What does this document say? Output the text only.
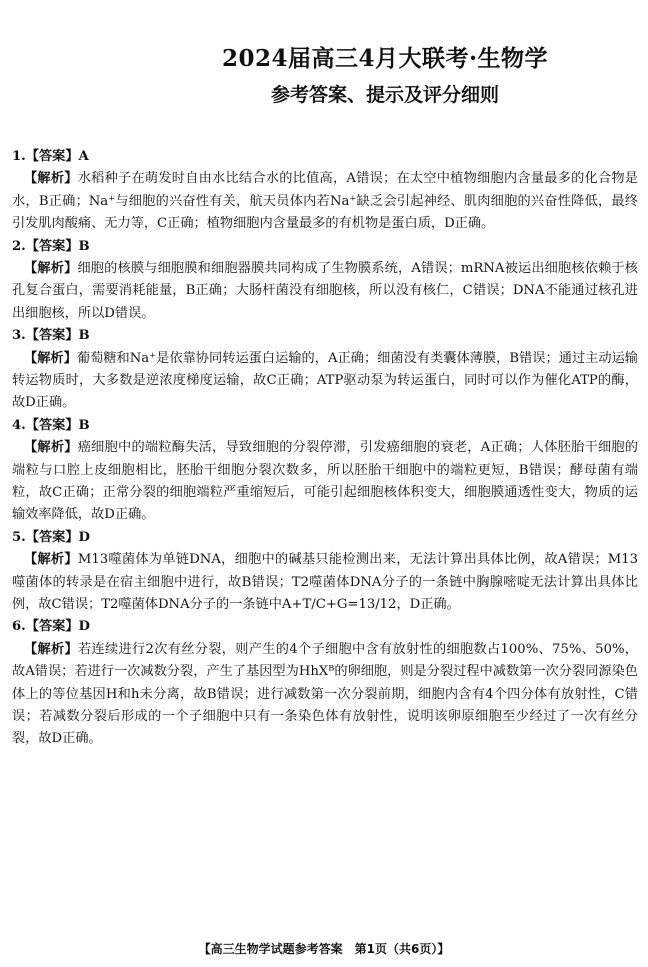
2024届高三4月大联考·生物学
参考答案、提示及评分细则
1.【答案】A

【解析】水稻种子在萌发时自由水比结合水的比值高，A错误；在太空中植物细胞内含量最多的化合物是水，B正确；Na⁺与细胞的兴奋性有关，航天员体内若Na⁺缺乏会引起神经、肌肉细胞的兴奋性降低，最终引发肌肉酸痛、无力等，C正确；植物细胞内含量最多的有机物是蛋白质，D正确。

2.【答案】B

【解析】细胞的核膜与细胞膜和细胞器膜共同构成了生物膜系统，A错误；mRNA被运出细胞核依赖于核孔复合蛋白，需要消耗能量，B正确；大肠杆菌没有细胞核，所以没有核仁，C错误；DNA不能通过核孔进出细胞核，所以D错误。

3.【答案】B

【解析】葡萄糖和Na⁺是依靠协同转运蛋白运输的，A正确；细菌没有类囊体薄膜，B错误；通过主动运输转运物质时，大多数是逆浓度梯度运输，故C正确；ATP驱动泵为转运蛋白，同时可以作为催化ATP的酶，故D正确。

4.【答案】B

【解析】癌细胞中的端粒酶失活，导致细胞的分裂停滞，引发癌细胞的衰老，A正确；人体胚胎干细胞的端粒与口腔上皮细胞相比，胚胎干细胞分裂次数多，所以胚胎干细胞中的端粒更短，B错误；酵母菌有端粒，故C正确；正常分裂的细胞端粒严重缩短后，可能引起细胞核体积变大，细胞膜通透性变大，物质的运输效率降低，故D正确。

5.【答案】D

【解析】M13噬菌体为单链DNA，细胞中的碱基只能检测出来，无法计算出具体比例，故A错误；M13噬菌体的转录是在宿主细胞中进行，故B错误；T2噬菌体DNA分子的一条链中胸腺嘧啶无法计算出具体比例，故C错误；T2噬菌体DNA分子的一条链中A+T/C+G=13/12，D正确。

6.【答案】D

【解析】若连续进行2次有丝分裂，则产生的4个子细胞中含有放射性的细胞数占100%、75%、50%，故A错误；若进行一次减数分裂，产生了基因型为HhXᴮ的卵细胞，则是分裂过程中减数第一次分裂同源染色体上的等位基因H和h未分离，故B错误；进行减数第一次分裂前期，细胞内含有4个四分体有放射性，C错误；若减数分裂后形成的一个子细胞中只有一条染色体有放射性，说明该卵原细胞至少经过了一次有丝分裂，故D正确。

【高三生物学试题参考答案　第1页（共6页）】
